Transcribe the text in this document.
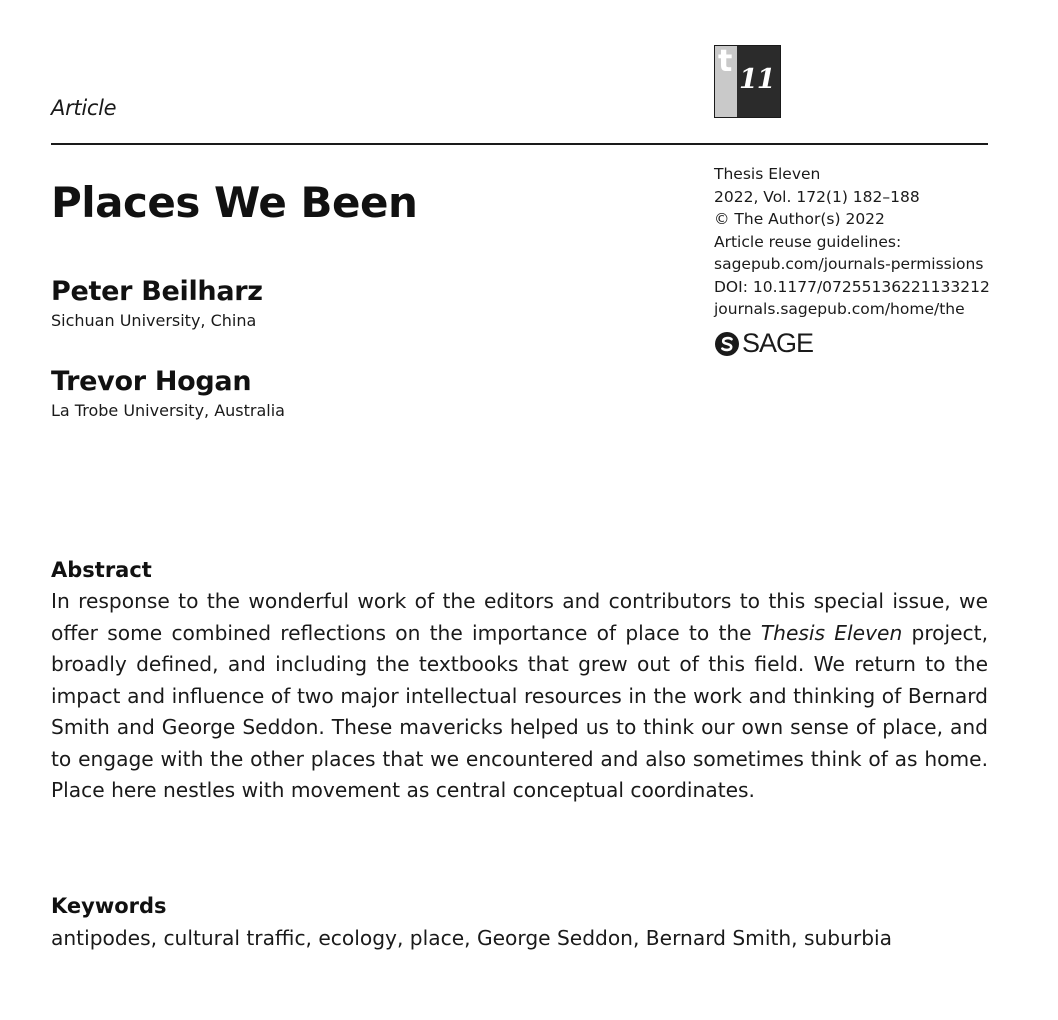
Article
t
11
Places We Been
Thesis Eleven
2022, Vol. 172(1) 182–188
© The Author(s) 2022
Article reuse guidelines:
sagepub.com/journals-permissions
DOI: 10.1177/07255136221133212
journals.sagepub.com/home/the
SAGE
Peter Beilharz
Sichuan University, China
Trevor Hogan
La Trobe University, Australia
Abstract
In response to the wonderful work of the editors and contributors to this special issue, we offer some combined reflections on the importance of place to the Thesis Eleven project, broadly defined, and including the textbooks that grew out of this field. We return to the impact and influence of two major intellectual resources in the work and thinking of Bernard Smith and George Seddon. These mavericks helped us to think our own sense of place, and to engage with the other places that we encountered and also sometimes think of as home. Place here nestles with movement as central conceptual coordinates.
Keywords
antipodes, cultural traffic, ecology, place, George Seddon, Bernard Smith, suburbia
